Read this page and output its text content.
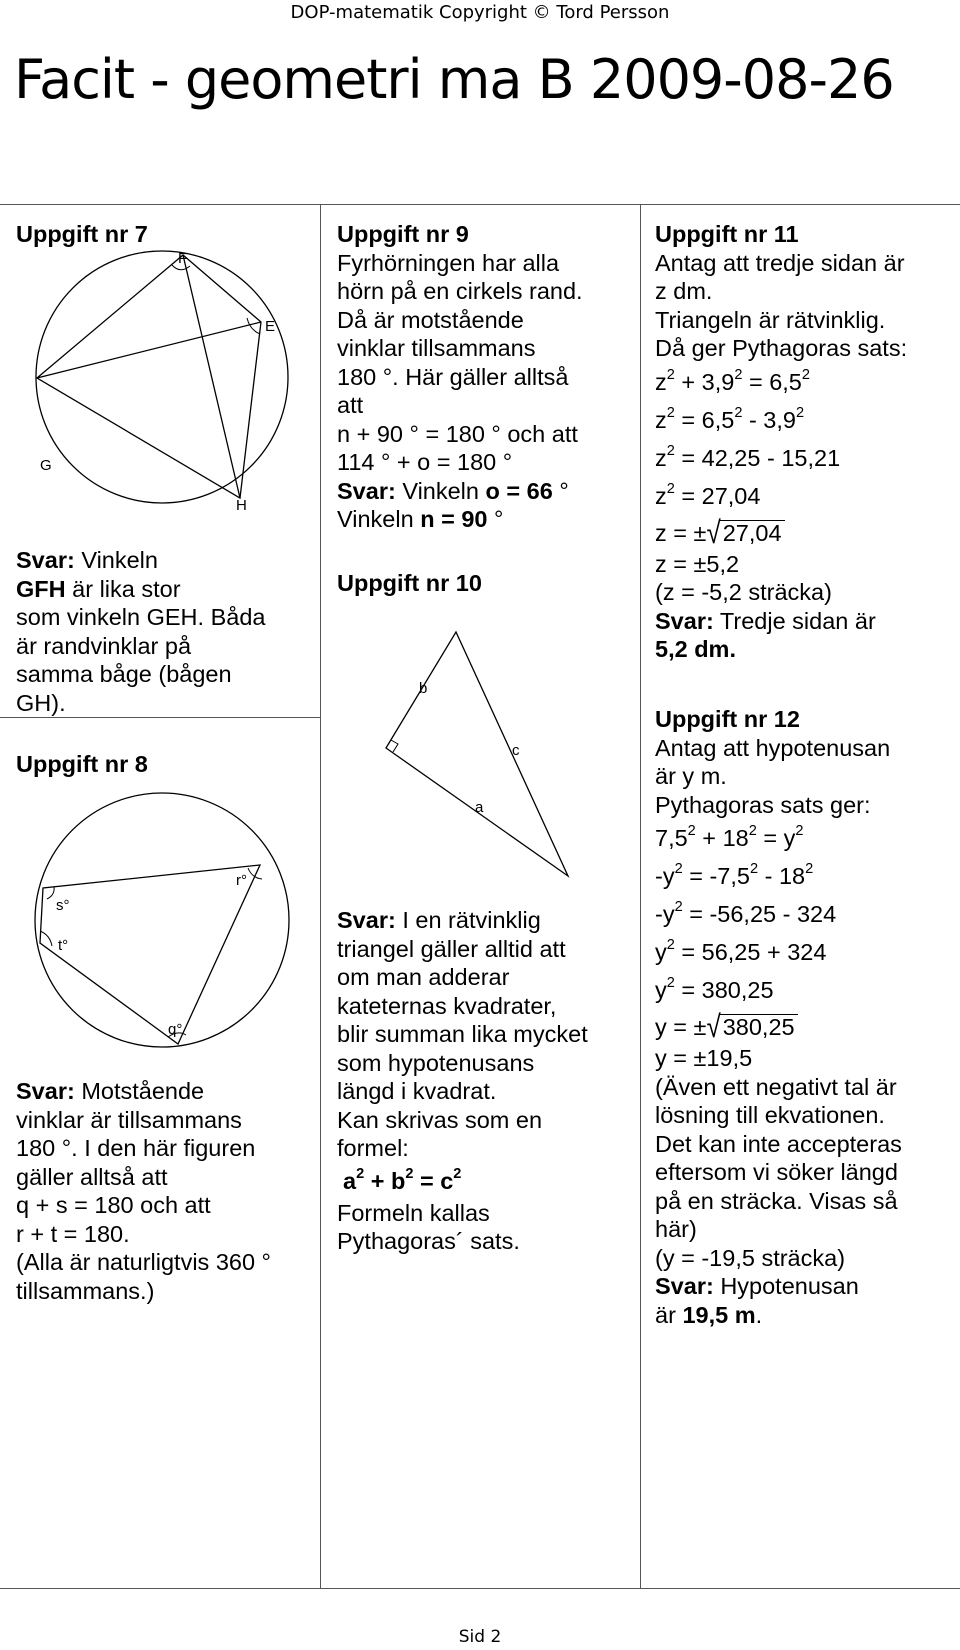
DOP-matematik Copyright © Tord Persson
Facit - geometri ma B 2009-08-26
Uppgift nr 7
F
E
G
H

Svar: Vinkeln

GFH är lika stor

som vinkeln GEH. Båda

är randvinklar på

samma båge (bågen

GH).

Uppgift nr 8
r°
s°
t°
q°

Svar: Motstående

vinklar är tillsammans

180 °. I den här figuren

gäller alltså att

q + s = 180 och att

r + t = 180.

(Alla är naturligtvis 360 °

tillsammans.)

Uppgift nr 9

Fyrhörningen har alla

hörn på en cirkels rand.

Då är motstående

vinklar tillsammans

180 °. Här gäller alltså

att

n + 90 ° = 180 ° och att

114 ° + o = 180 °

Svar: Vinkeln o = 66 °

Vinkeln n = 90 °

Uppgift nr 10
b
c
a

Svar: I en rätvinklig

triangel gäller alltid att

om man adderar

kateternas kvadrater,

blir summan lika mycket

som hypotenusans

längd i kvadrat.

Kan skrivas som en

formel:

$a^2 + b^2 = c^2$

Formeln kallas

Pythagoras´ sats.

Uppgift nr 11

Antag att tredje sidan är

z dm.

Triangeln är rätvinklig.

Då ger Pythagoras sats:

$z^2 + 3,9^2 = 6,5^2$

$z^2 = 6,5^2 - 3,9^2$

$z^2 = 42,25 - 15,21$

$z^2 = 27,04$

z = ±√27,04

z = ±5,2

(z = -5,2 sträcka)

Svar: Tredje sidan är

5,2 dm.

Uppgift nr 12

Antag att hypotenusan

är y m.

Pythagoras sats ger:

$7,5^2 + 18^2 = y^2$

$-y^2 = -7,5^2 - 18^2$

$-y^2 = -56,25 - 324$

$y^2 = 56,25 + 324$

$y^2 = 380,25$

y = ±√380,25

y = ±19,5

(Även ett negativt tal är

lösning till ekvationen.

Det kan inte accepteras

eftersom vi söker längd

på en sträcka. Visas så

här)

(y = -19,5 sträcka)

Svar: Hypotenusan

är 19,5 m.

Sid 2
